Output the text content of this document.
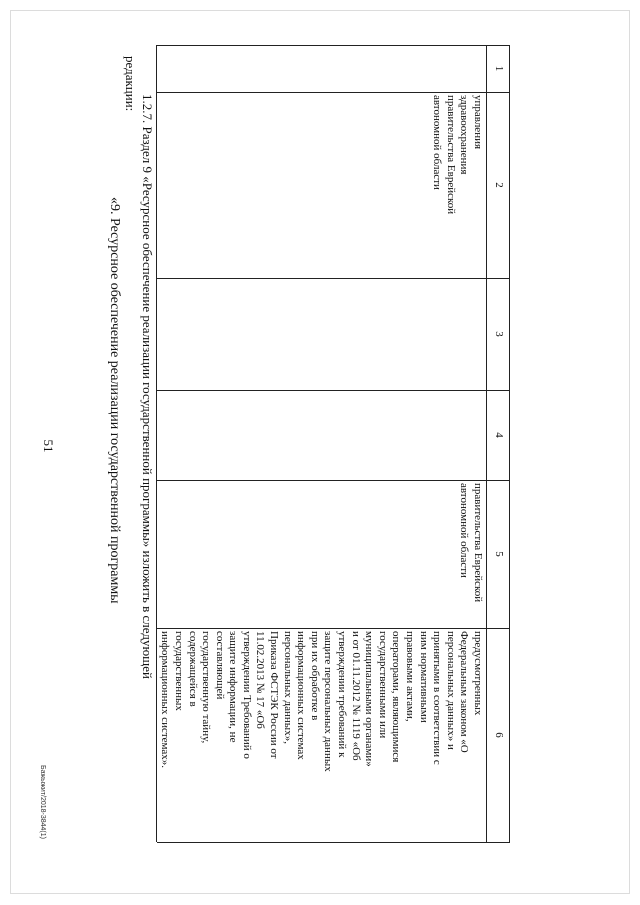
51
1
2
3
4
5
6
управления
здравоохранения
правительства Еврейской
автономной области
правительства Еврейской
автономной области
предусмотренных
Федеральным законом «О
персональных данных» и
принятыми в соответствии с
ним нормативными
правовыми актами,
операторами, являющимися
государственными или
муниципальными органами»
и от 01.11.2012 № 1119 «Об
утверждении требований к
защите персональных данных
при их обработке в
информационных системах
персональных данных»,
Приказа ФСТЭК России от
11.02.2013 № 17 «Об
утверждении Требований о
защите информации, не
составляющей
государственную тайну,
содержащейся в
государственных
информационных системах».
1.2.7. Раздел 9 «Ресурсное обеспечение реализации государственной программы» изложить в следующей
редакции:
«9. Ресурсное обеспечение реализации государственной программы
Бажыжит/2018-3844(1)
